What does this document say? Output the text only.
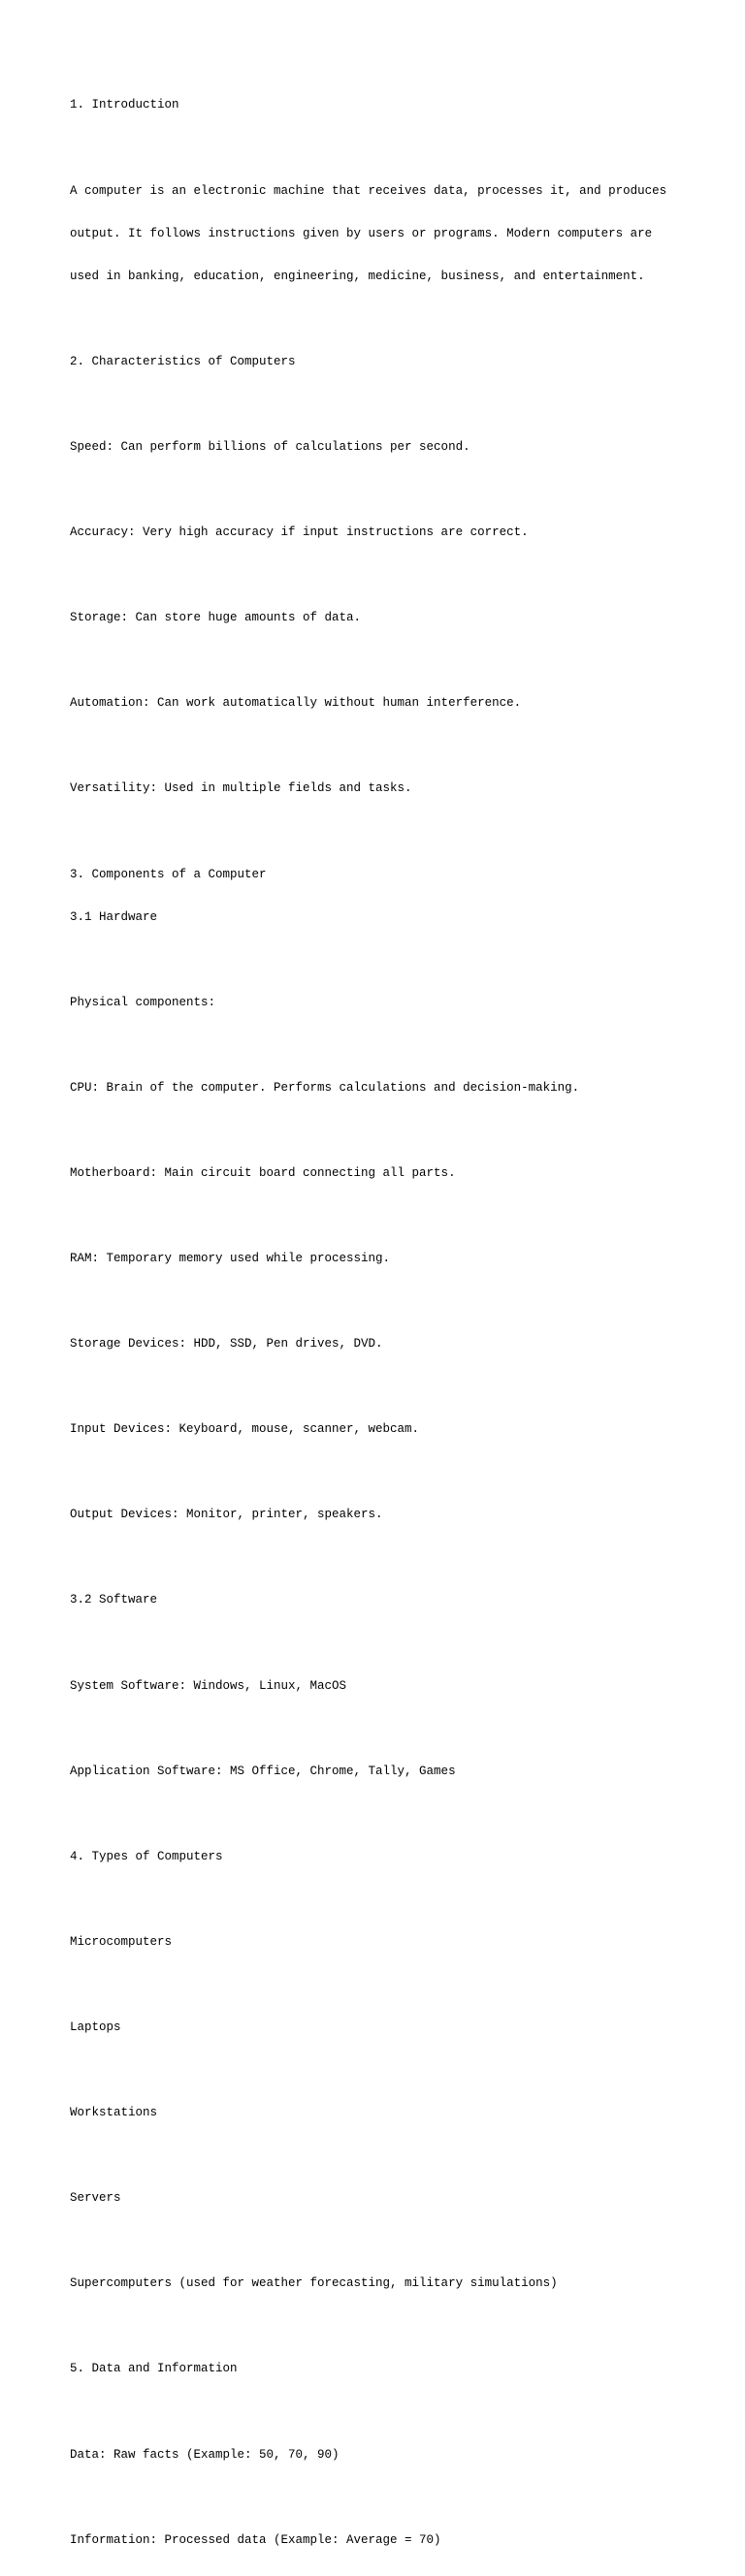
1. Introduction

A computer is an electronic machine that receives data, processes it, and produces

output. It follows instructions given by users or programs. Modern computers are

used in banking, education, engineering, medicine, business, and entertainment.

2. Characteristics of Computers

Speed: Can perform billions of calculations per second.

Accuracy: Very high accuracy if input instructions are correct.

Storage: Can store huge amounts of data.

Automation: Can work automatically without human interference.

Versatility: Used in multiple fields and tasks.

3. Components of a Computer

3.1 Hardware

Physical components:

CPU: Brain of the computer. Performs calculations and decision-making.

Motherboard: Main circuit board connecting all parts.

RAM: Temporary memory used while processing.

Storage Devices: HDD, SSD, Pen drives, DVD.

Input Devices: Keyboard, mouse, scanner, webcam.

Output Devices: Monitor, printer, speakers.

3.2 Software

System Software: Windows, Linux, MacOS

Application Software: MS Office, Chrome, Tally, Games

4. Types of Computers

Microcomputers

Laptops

Workstations

Servers

Supercomputers (used for weather forecasting, military simulations)

5. Data and Information

Data: Raw facts (Example: 50, 70, 90)

Information: Processed data (Example: Average = 70)
